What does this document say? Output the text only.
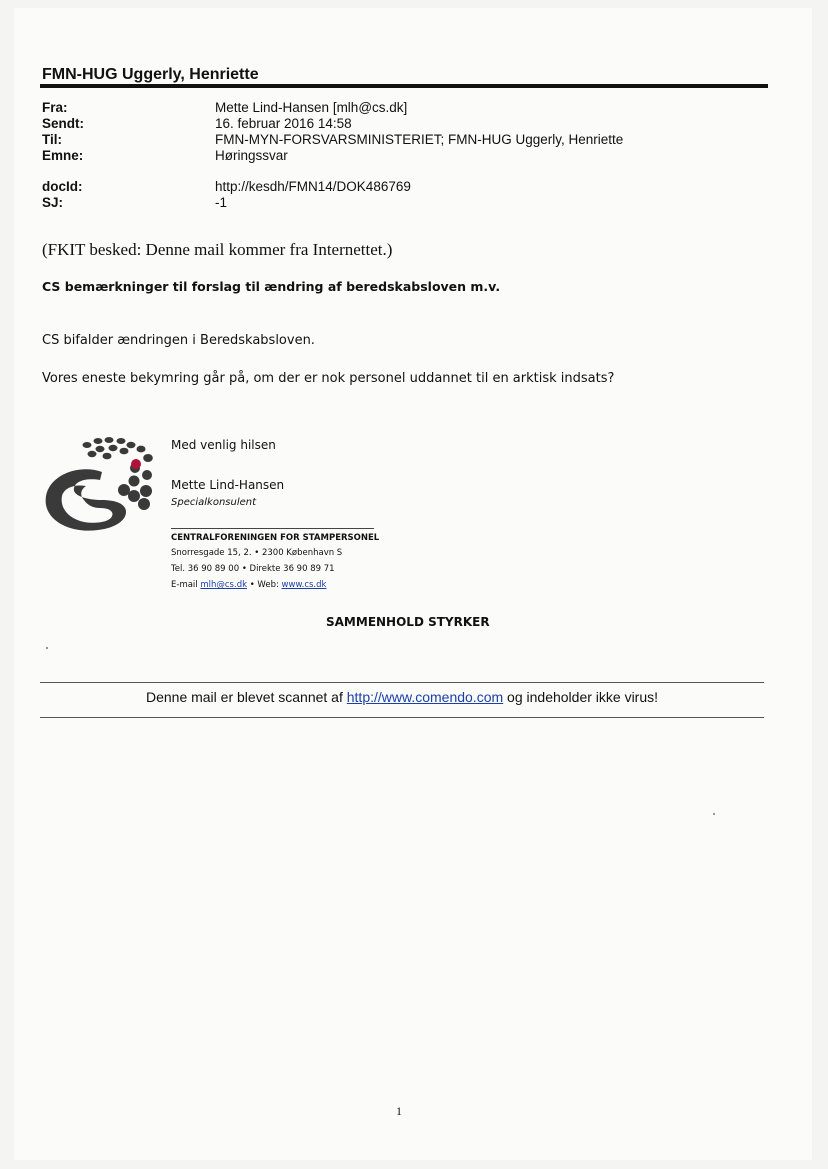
FMN-HUG Uggerly, Henriette
Fra:	Mette Lind-Hansen [mlh@cs.dk]
Sendt:	16. februar 2016 14:58
Til:	FMN-MYN-FORSVARSMINISTERIET; FMN-HUG Uggerly, Henriette
Emne:	Høringssvar
docId:	http://kesdh/FMN14/DOK486769
SJ:	-1
(FKIT besked: Denne mail kommer fra Internettet.)
CS bemærkninger til forslag til ændring af beredskabsloven m.v.
CS bifalder ændringen i Beredskabsloven.
Vores eneste bekymring går på, om der er nok personel uddannet til en arktisk indsats?
Med venlig hilsen
Mette Lind-Hansen
Specialkonsulent
CENTRALFORENINGEN FOR STAMPERSONEL
Snorresgade 15, 2. • 2300 København S
Tel. 36 90 89 00 • Direkte 36 90 89 71
E-mail mlh@cs.dk • Web: www.cs.dk
SAMMENHOLD STYRKER
Denne mail er blevet scannet af http://www.comendo.com og indeholder ikke virus!
1
